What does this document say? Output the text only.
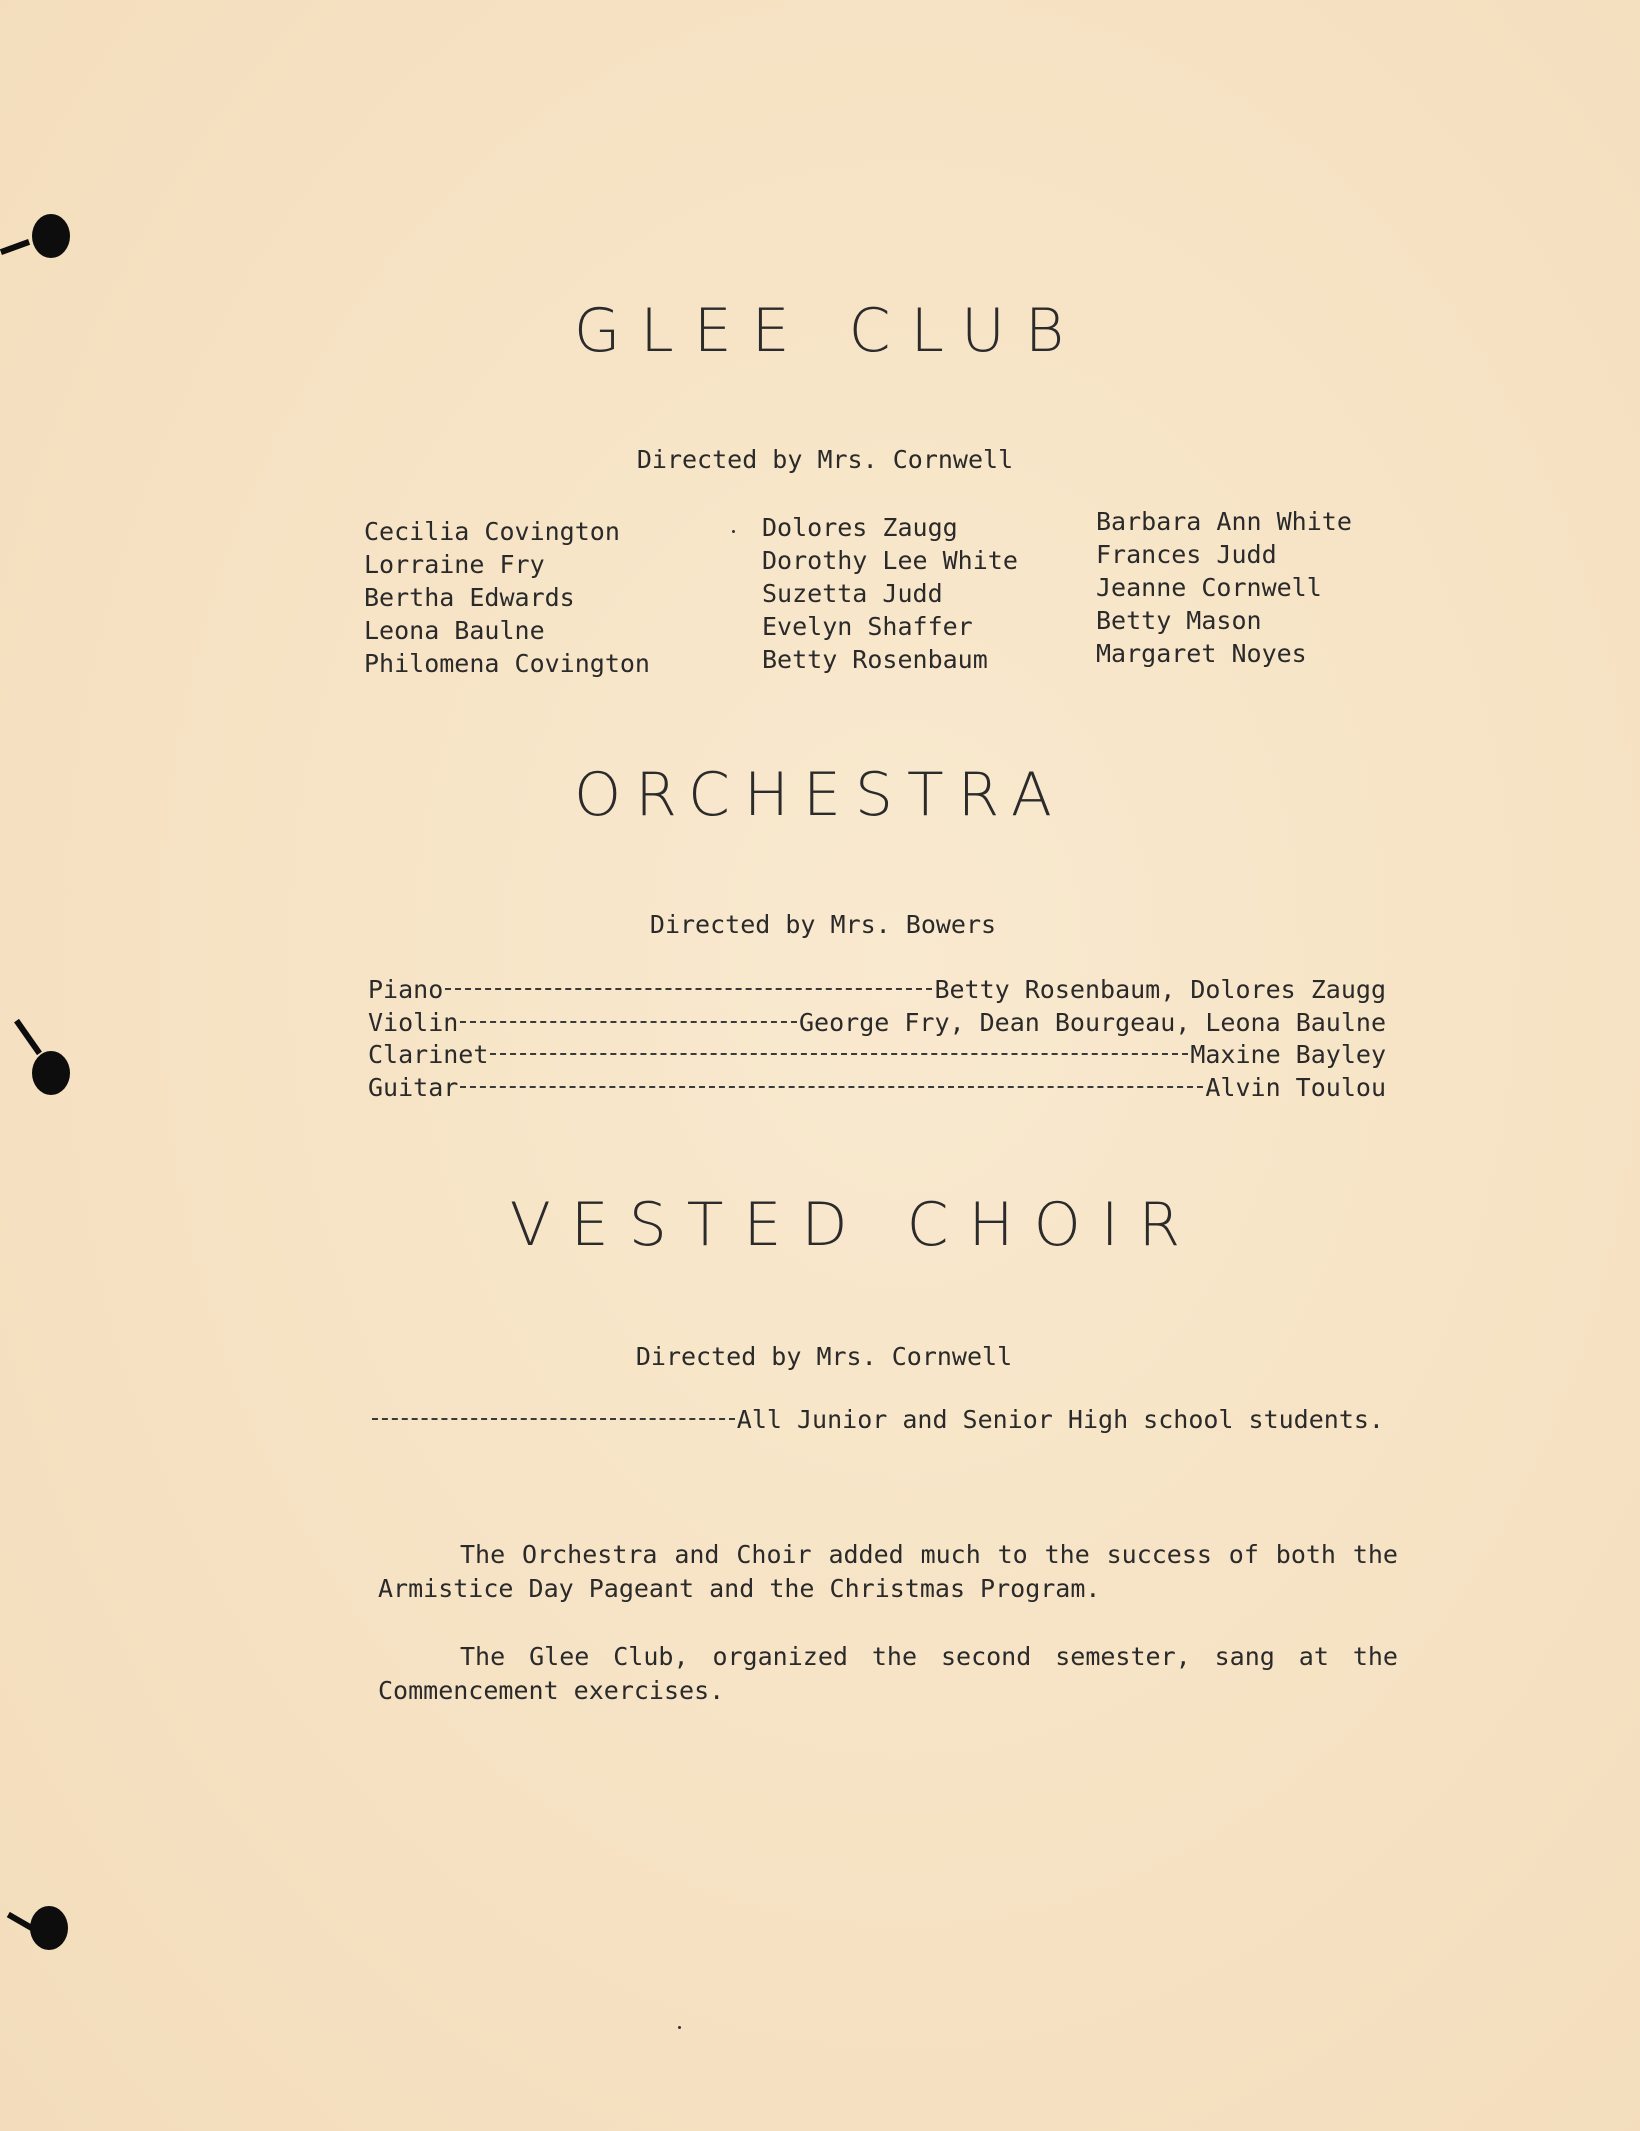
GLEE CLUB
Directed by Mrs. Cornwell
Cecilia Covington
Lorraine Fry
Bertha Edwards
Leona Baulne
Philomena Covington
Dolores Zaugg
Dorothy Lee White
Suzetta Judd
Evelyn Shaffer
Betty Rosenbaum
Barbara Ann White
Frances Judd
Jeanne Cornwell
Betty Mason
Margaret Noyes
ORCHESTRA
Directed by Mrs. Bowers
Piano	Betty Rosenbaum, Dolores Zaugg
Violin	George Fry, Dean Bourgeau, Leona Baulne
Clarinet	Maxine Bayley
Guitar	Alvin Toulou
VESTED CHOIR
Directed by Mrs. Cornwell
All Junior and Senior High school students.
The Orchestra and Choir added much to the success of both the Armistice Day Pageant and the Christmas Program.
The Glee Club, organized the second semester, sang at the Commencement exercises.
